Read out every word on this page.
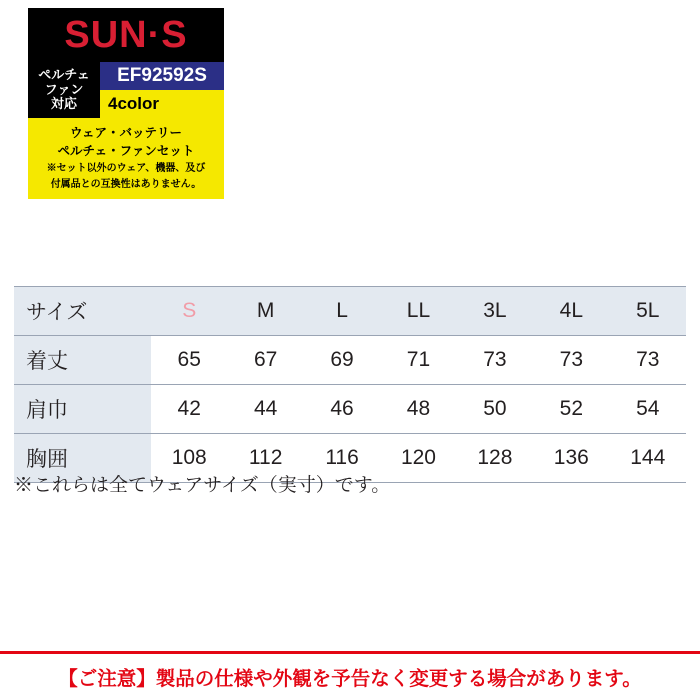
SUN·S
ペルチェ
ファン
対応
EF92592S
4color
ウェア・バッテリー
ペルチェ・ファンセット
※セット以外のウェア、機器、及び
付属品との互換性はありません。
サイズ	S	M	L	LL	3L	4L	5L
着丈	65	67	69	71	73	73	73
肩巾	42	44	46	48	50	52	54
胸囲	108	112	116	120	128	136	144
※これらは全てウェアサイズ（実寸）です。
【ご注意】製品の仕様や外観を予告なく変更する場合があります。
